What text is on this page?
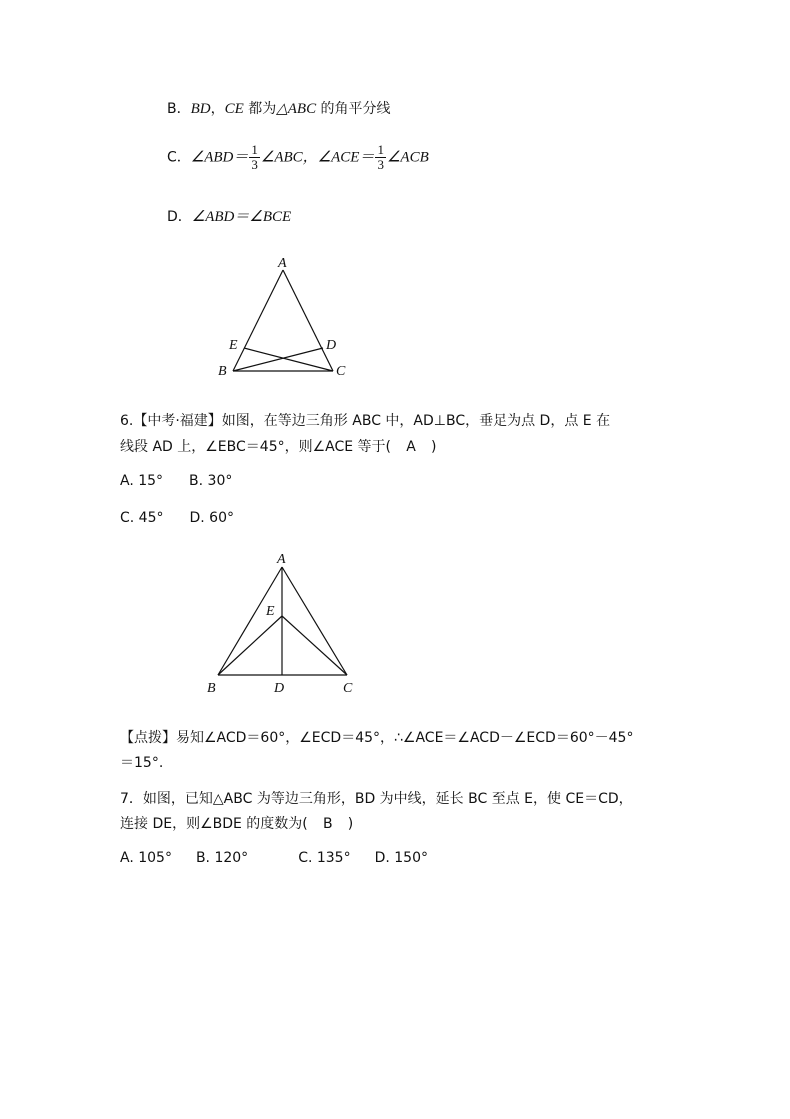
B．BD，CE 都为△ABC 的角平分线
C．∠ABD＝ $\frac{1}{3}$ ∠ABC，∠ACE＝ $\frac{1}{3}$ ∠ACB
D．∠ABD＝∠BCE
A
E	D
B	C
6.【中考·福建】如图，在等边三角形 ABC 中，AD⊥BC，垂足为点 D，点 E 在
线段 AD 上，∠EBC＝45°，则∠ACE 等于( A )
A. 15° B. 30°
C. 45° D. 60°
A
E
B	D	C
【点拨】易知∠ACD＝60°，∠ECD＝45°，∴∠ACE＝∠ACD－∠ECD＝60°－45°
＝15°.
7．如图，已知△ABC 为等边三角形，BD 为中线，延长 BC 至点 E，使 CE＝CD，
连接 DE，则∠BDE 的度数为( B )
A. 105° B. 120°	C. 135° D. 150°
